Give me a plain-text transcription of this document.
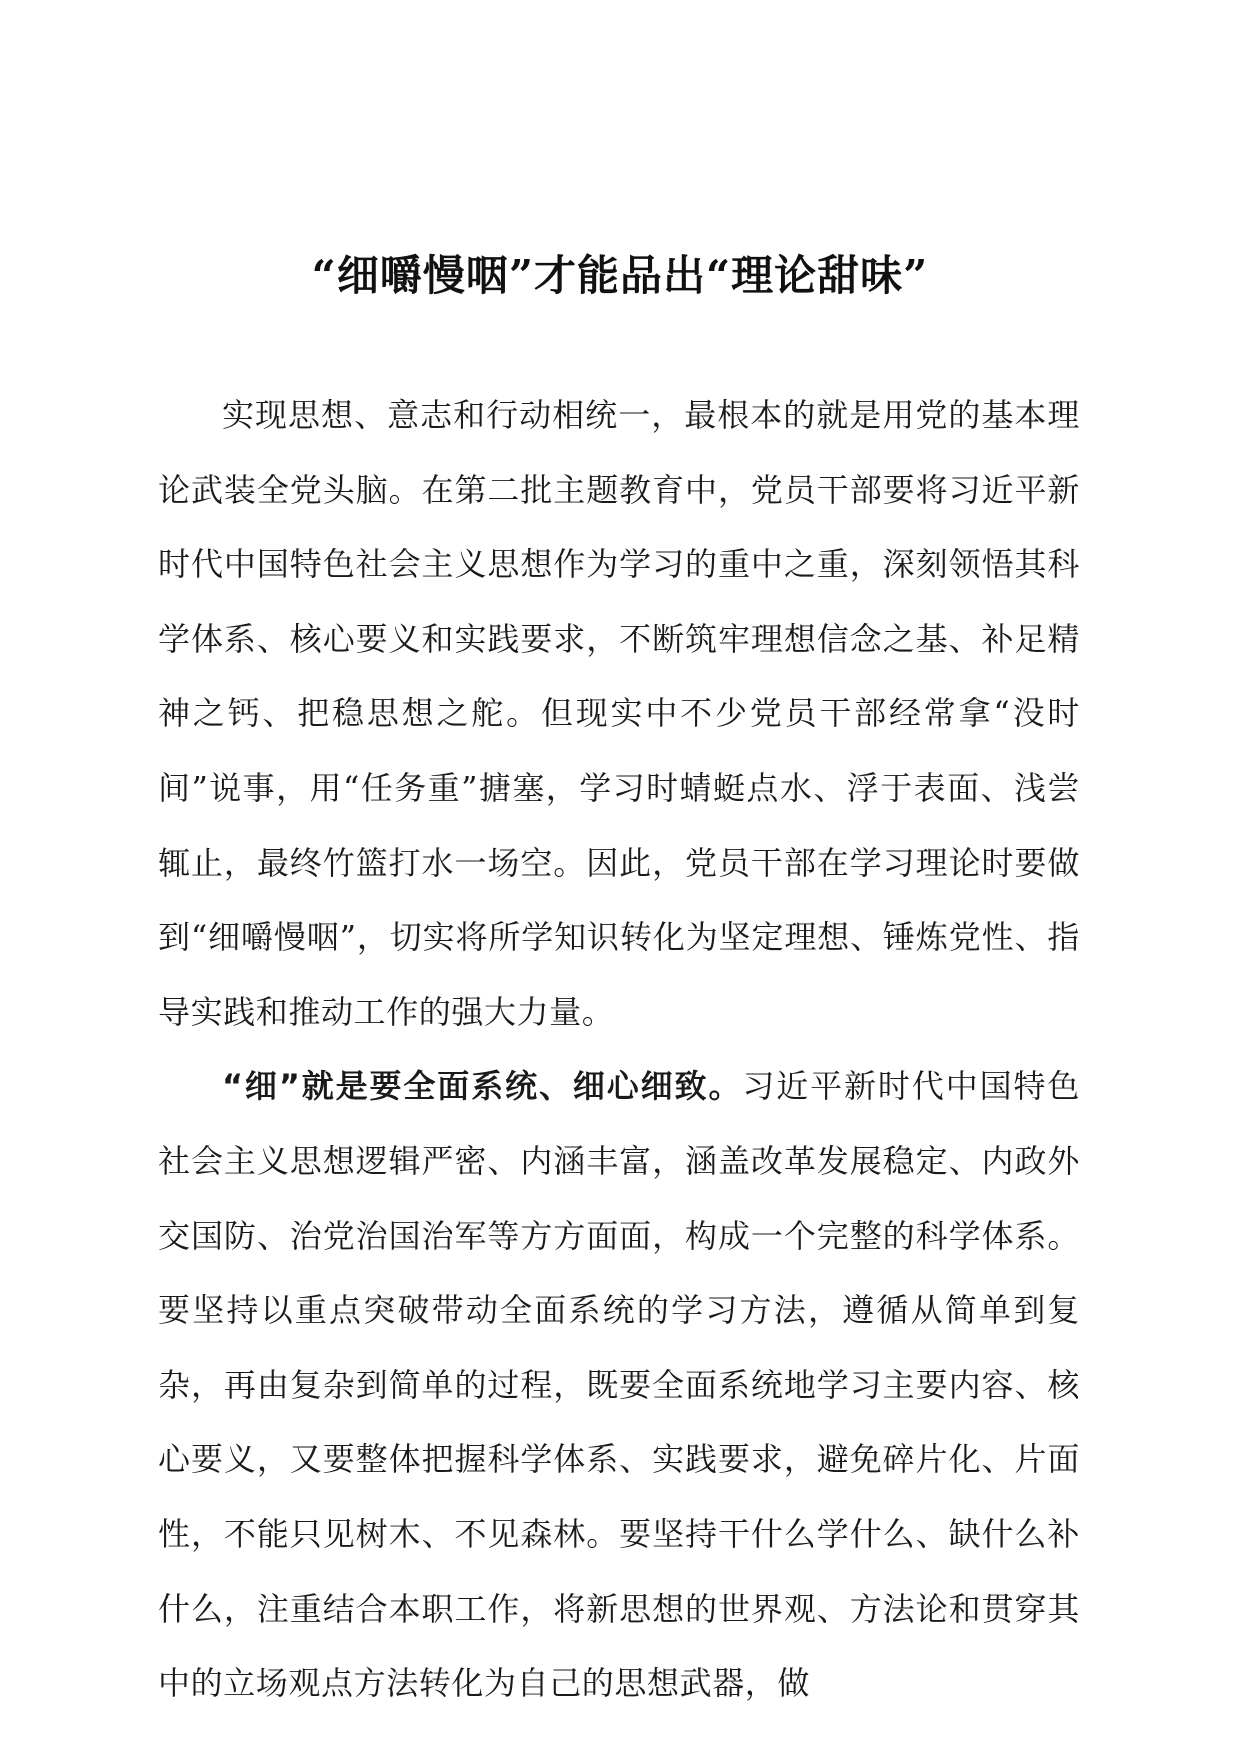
“细嚼慢咽”才能品出“理论甜味”

实现思想、意志和行动相统一，最根本的就是用党的基本理论武装全党头脑。在第二批主题教育中，党员干部要将习近平新时代中国特色社会主义思想作为学习的重中之重，深刻领悟其科学体系、核心要义和实践要求，不断筑牢理想信念之基、补足精神之钙、把稳思想之舵。但现实中不少党员干部经常拿“没时间”说事，用“任务重”搪塞，学习时蜻蜓点水、浮于表面、浅尝辄止，最终竹篮打水一场空。因此，党员干部在学习理论时要做到“细嚼慢咽”，切实将所学知识转化为坚定理想、锤炼党性、指导实践和推动工作的强大力量。

“细”就是要全面系统、细心细致。习近平新时代中国特色社会主义思想逻辑严密、内涵丰富，涵盖改革发展稳定、内政外交国防、治党治国治军等方方面面，构成一个完整的科学体系。要坚持以重点突破带动全面系统的学习方法，遵循从简单到复杂，再由复杂到简单的过程，既要全面系统地学习主要内容、核心要义，又要整体把握科学体系、实践要求，避免碎片化、片面性，不能只见树木、不见森林。要坚持干什么学什么、缺什么补什么，注重结合本职工作，将新思想的世界观、方法论和贯穿其中的立场观点方法转化为自己的思想武器，做
